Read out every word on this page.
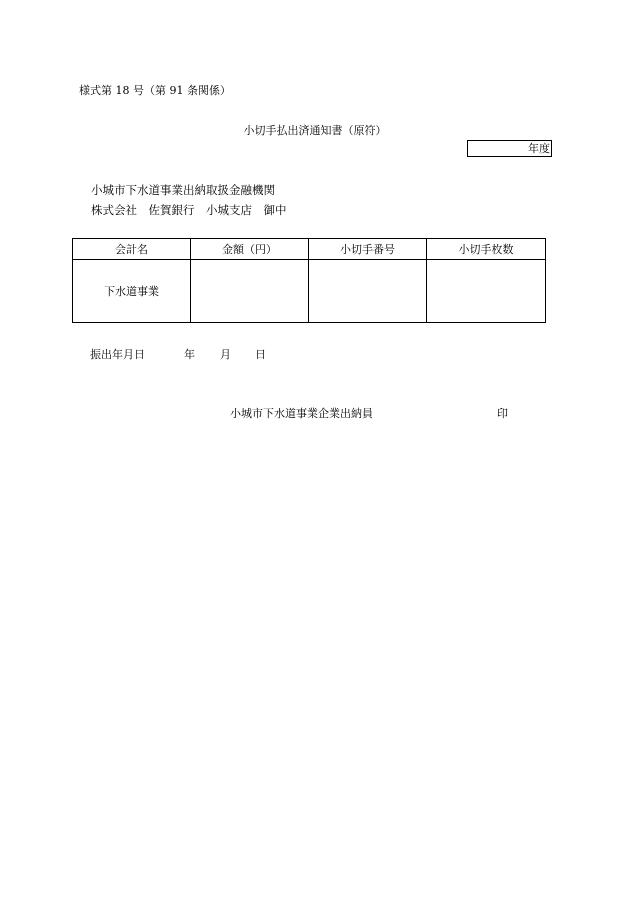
様式第 18 号（第 91 条関係）
小切手払出済通知書（原符）
年度
小城市下水道事業出納取扱金融機関
株式会社　佐賀銀行　小城支店　御中
会計名	金額（円）	小切手番号	小切手枚数
下水道事業			
振出年月日	年 月 日
小城市下水道事業企業出納員	印
